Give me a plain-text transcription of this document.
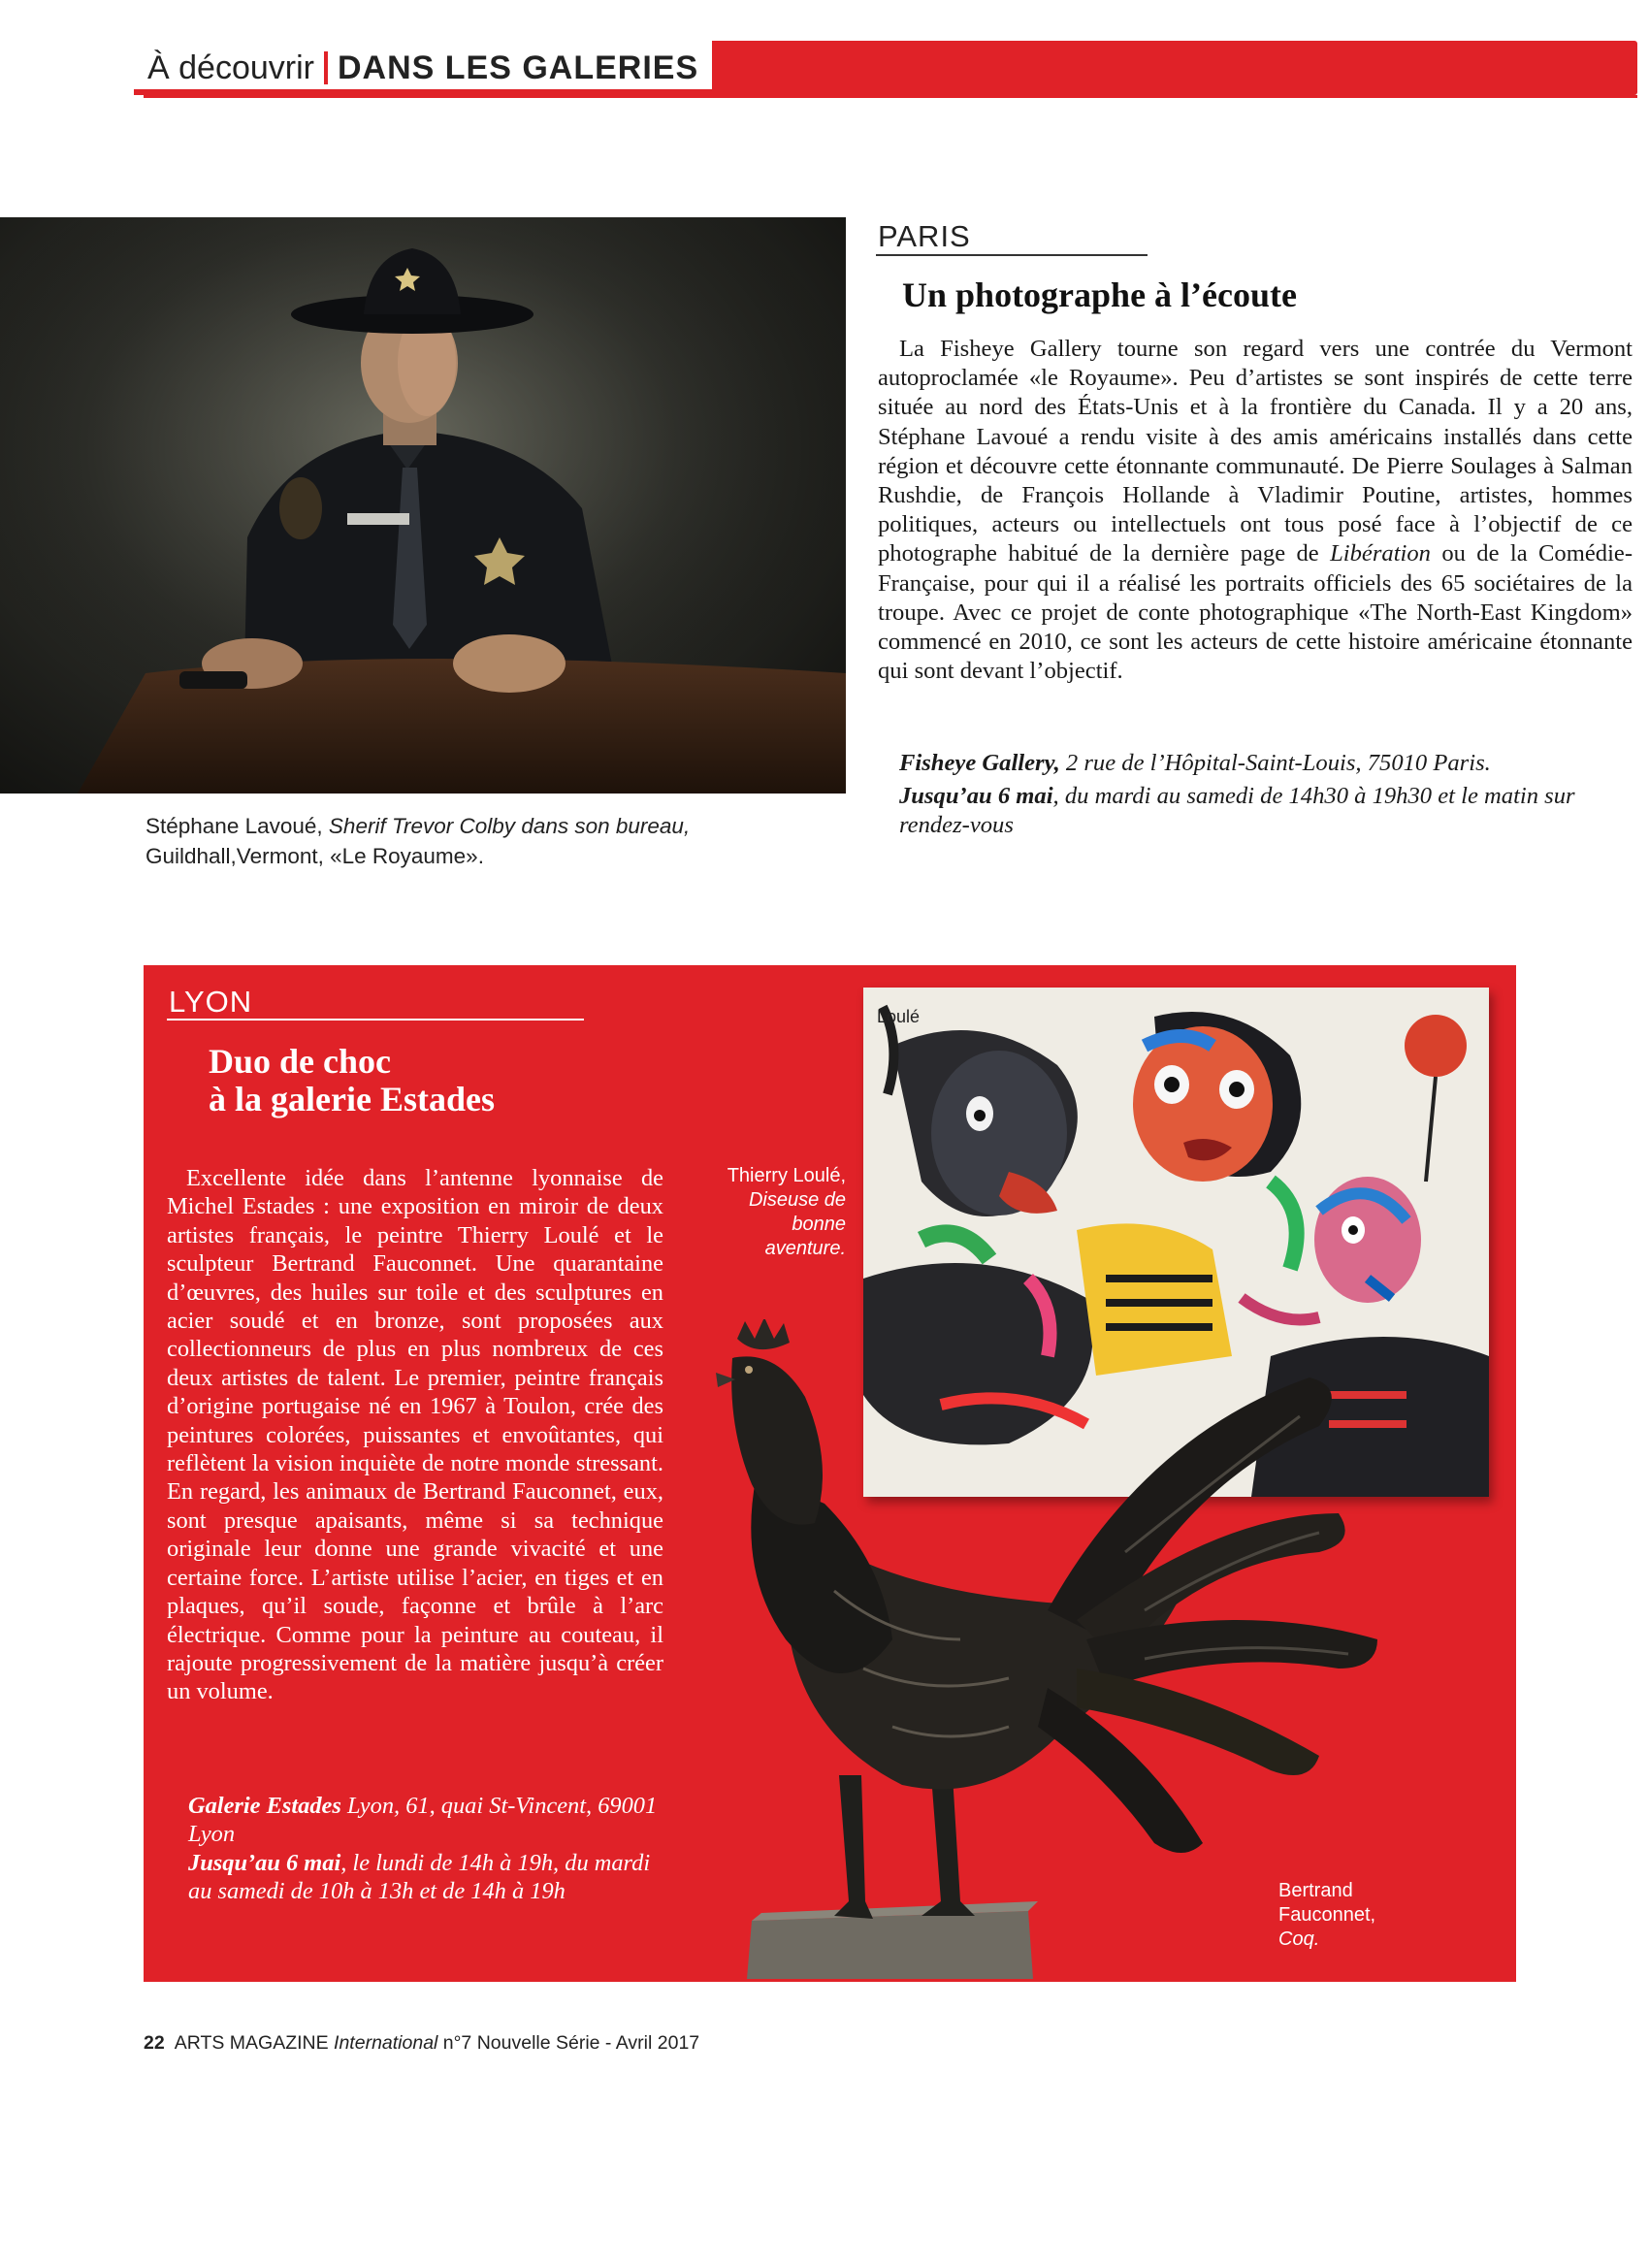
À découvrir DANS LES GALERIES
Stéphane Lavoué, Sherif Trevor Colby dans son bureau,
Guildhall,Vermont, «Le Royaume».
PARIS
Un photographe à l’écoute

La Fisheye Gallery tourne son regard vers une contrée du Vermont autoproclamée «le Royaume». Peu d’artistes se sont inspirés de cette terre située au nord des États-Unis et à la frontière du Canada. Il y a 20 ans, Stéphane Lavoué a rendu visite à des amis américains installés dans cette région et découvre cette étonnante communauté. De Pierre Soulages à Salman Rushdie, de François Hollande à Vladimir Poutine, artistes, hommes politiques, acteurs ou intellectuels ont tous posé face à l’objectif de ce photographe habitué de la dernière page de Libération ou de la Comédie-Française, pour qui il a réalisé les portraits officiels des 65 sociétaires de la troupe. Avec ce projet de conte photographique «The North-East Kingdom» commencé en 2010, ce sont les acteurs de cette histoire américaine étonnante qui sont devant l’objectif.

Fisheye Gallery, 2 rue de l’Hôpital-Saint-Louis, 75010 Paris.

Jusqu’au 6 mai, du mardi au samedi de 14h30 à 19h30 et le matin sur rendez-vous

LYON
Duo de choc
à la galerie Estades

Excellente idée dans l’antenne lyonnaise de Michel Estades : une exposition en miroir de deux artistes français, le peintre Thierry Loulé et le sculpteur Bertrand Fauconnet. Une quarantaine d’œuvres, des huiles sur toile et des sculptures en acier soudé et en bronze, sont proposées aux collectionneurs de plus en plus nombreux de ces deux artistes de talent. Le premier, peintre français d’origine portugaise né en 1967 à Toulon, crée des peintures colorées, puissantes et envoûtantes, qui reflètent la vision inquiète de notre monde stressant. En regard, les animaux de Bertrand Fauconnet, eux, sont presque apaisants, même si sa technique originale leur donne une grande vivacité et une certaine force. L’artiste utilise l’acier, en tiges et en plaques, qu’il soude, façonne et brûle à l’arc électrique. Comme pour la peinture au couteau, il rajoute progressivement de la matière jusqu’à créer un volume.

Galerie Estades Lyon, 61, quai St-Vincent, 69001 Lyon

Jusqu’au 6 mai, le lundi de 14h à 19h, du mardi au samedi de 10h à 13h et de 14h à 19h

Loulé
Thierry Loulé,
Diseuse de
bonne
aventure.
Bertrand
Fauconnet,
Coq.
22 ARTS MAGAZINE International n°7 Nouvelle Série - Avril 2017
